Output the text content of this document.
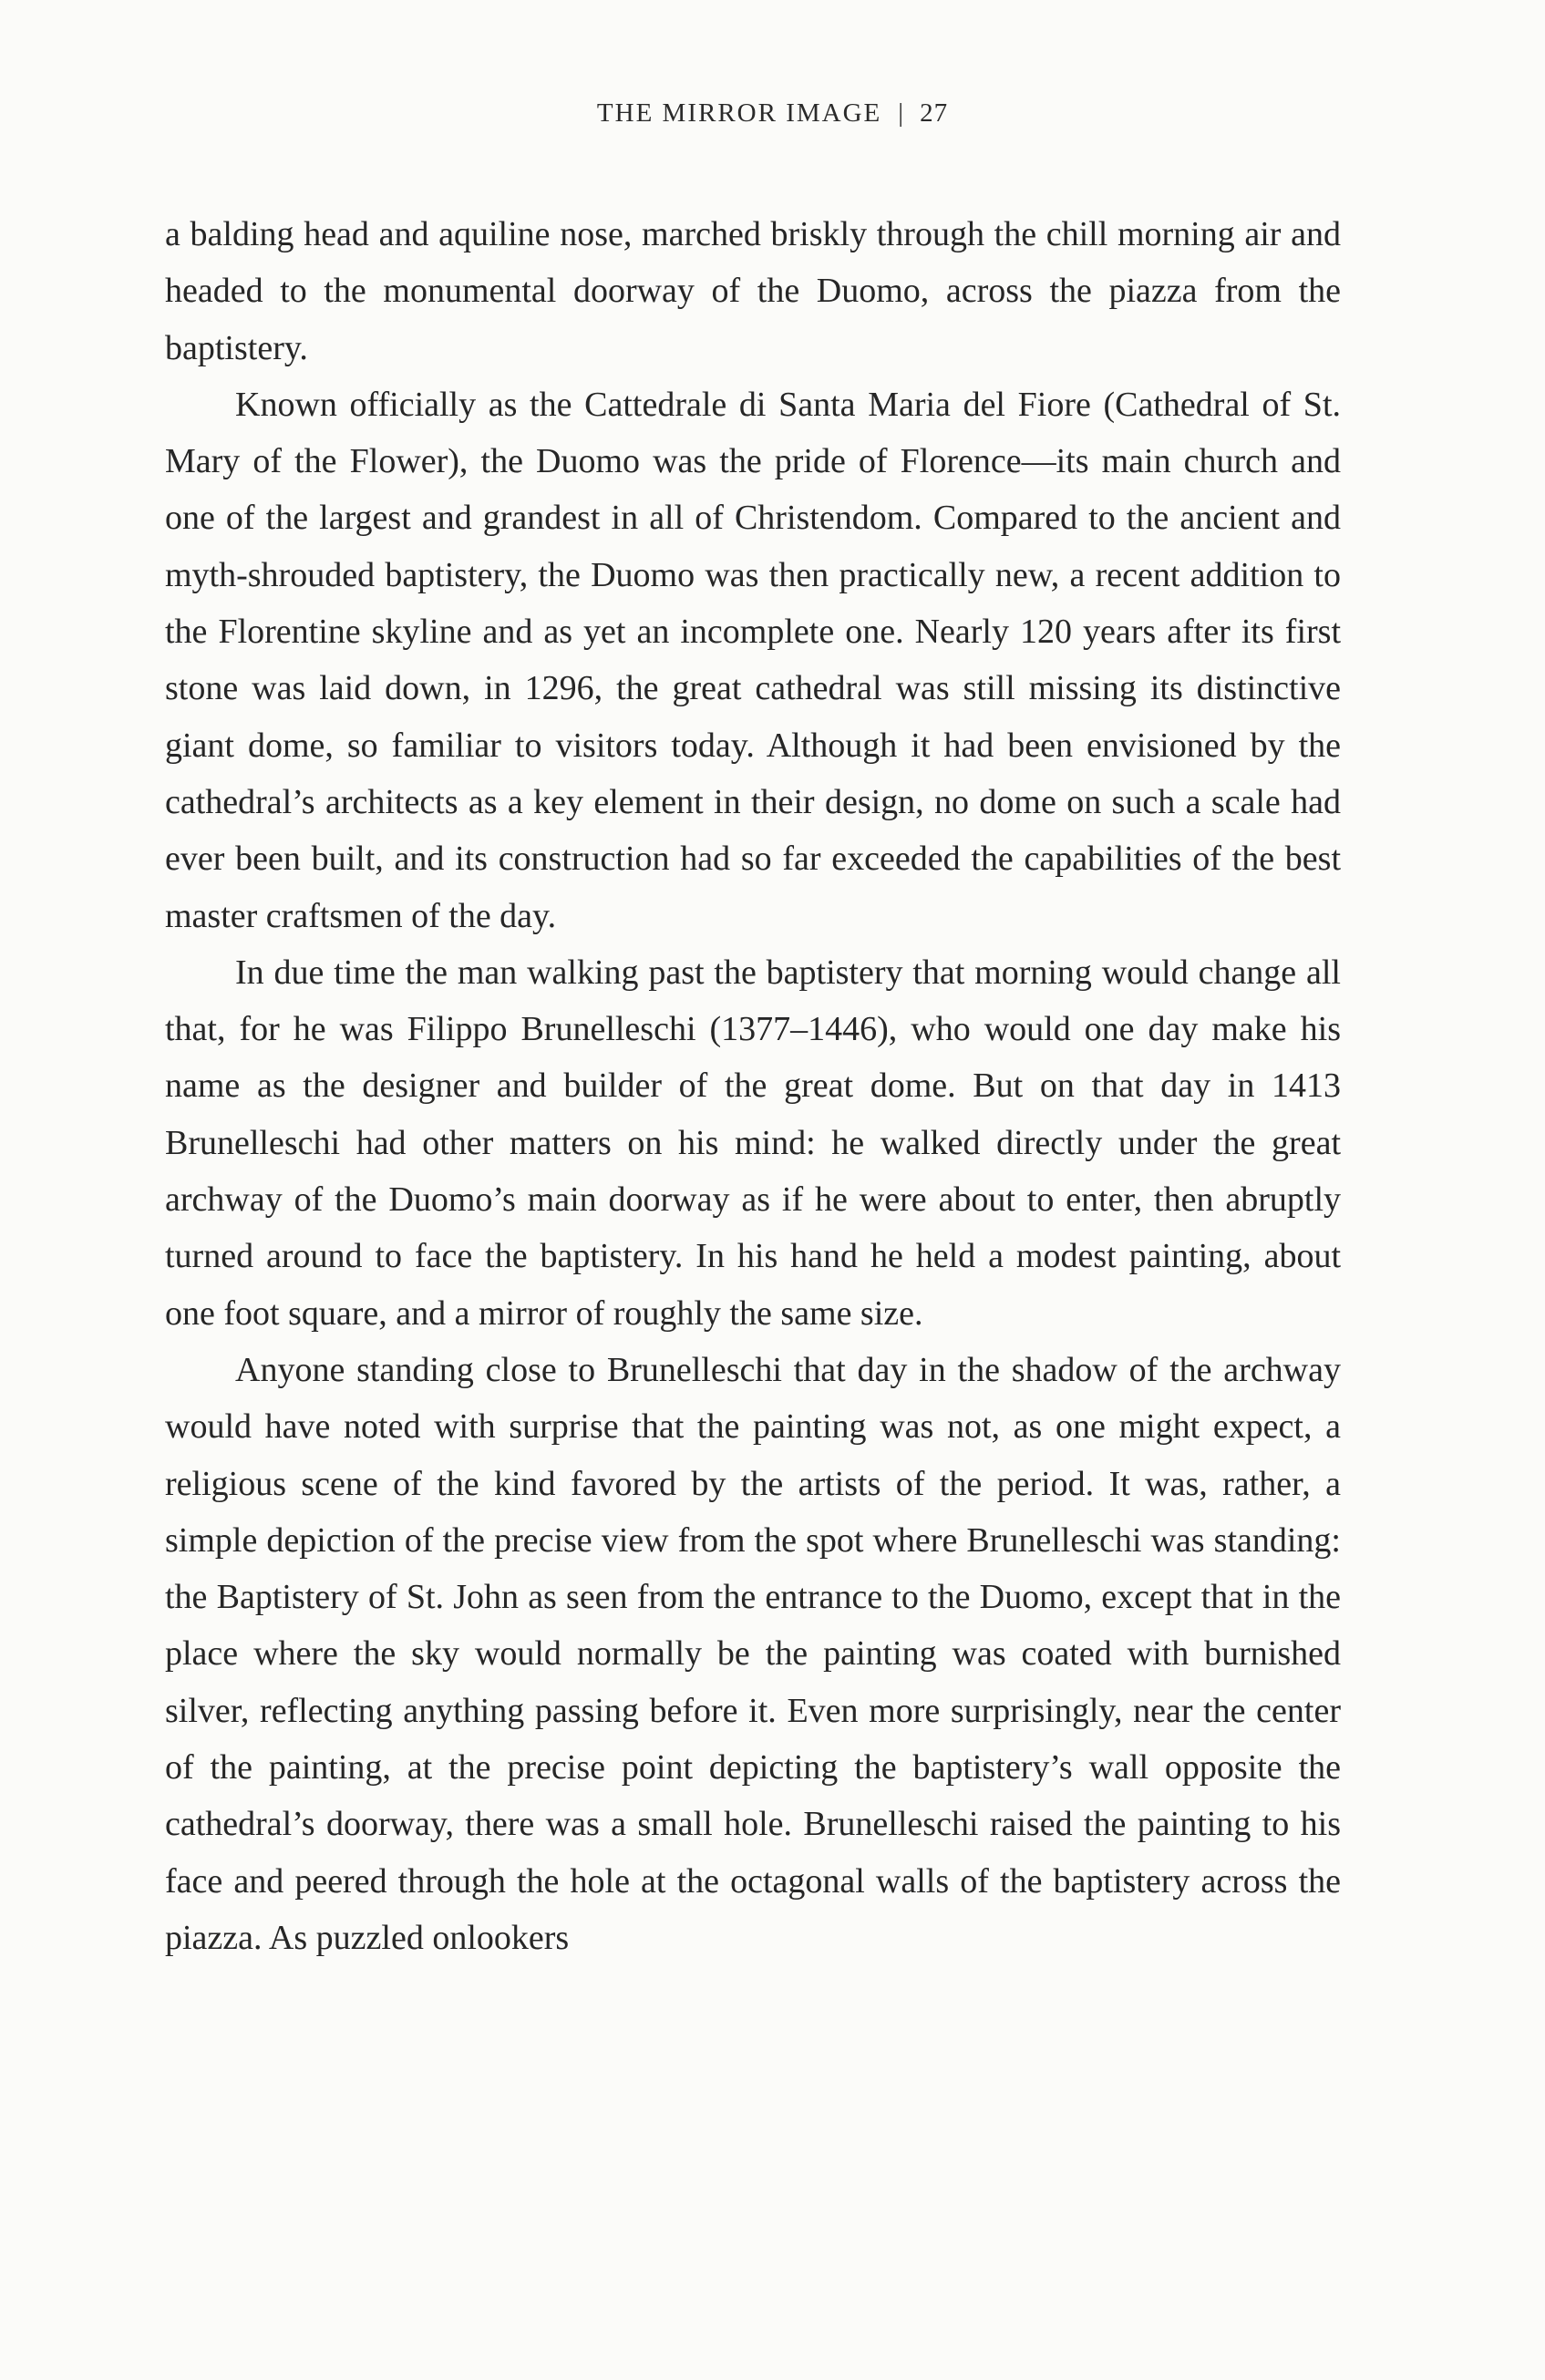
THE MIRROR IMAGE | 27

a balding head and aquiline nose, marched briskly through the chill morning air and headed to the monumental doorway of the Duomo, across the piazza from the baptistery.

Known officially as the Cattedrale di Santa Maria del Fiore (Cathedral of St. Mary of the Flower), the Duomo was the pride of Florence—its main church and one of the largest and grandest in all of Christendom. Compared to the ancient and myth-shrouded baptistery, the Duomo was then practically new, a recent addition to the Florentine skyline and as yet an incomplete one. Nearly 120 years after its first stone was laid down, in 1296, the great cathedral was still missing its distinctive giant dome, so familiar to visitors today. Although it had been envisioned by the cathedral’s architects as a key element in their design, no dome on such a scale had ever been built, and its construction had so far exceeded the capabilities of the best master craftsmen of the day.

In due time the man walking past the baptistery that morning would change all that, for he was Filippo Brunelleschi (1377–1446), who would one day make his name as the designer and builder of the great dome. But on that day in 1413 Brunelleschi had other matters on his mind: he walked directly under the great archway of the Duomo’s main doorway as if he were about to enter, then abruptly turned around to face the baptistery. In his hand he held a modest painting, about one foot square, and a mirror of roughly the same size.

Anyone standing close to Brunelleschi that day in the shadow of the archway would have noted with surprise that the painting was not, as one might expect, a religious scene of the kind favored by the artists of the period. It was, rather, a simple depiction of the precise view from the spot where Brunelleschi was standing: the Baptistery of St. John as seen from the entrance to the Duomo, except that in the place where the sky would normally be the painting was coated with burnished silver, reflecting anything passing before it. Even more surprisingly, near the center of the painting, at the precise point depicting the baptistery’s wall opposite the cathedral’s doorway, there was a small hole. Brunelleschi raised the painting to his face and peered through the hole at the octagonal walls of the baptistery across the piazza. As puzzled onlookers
